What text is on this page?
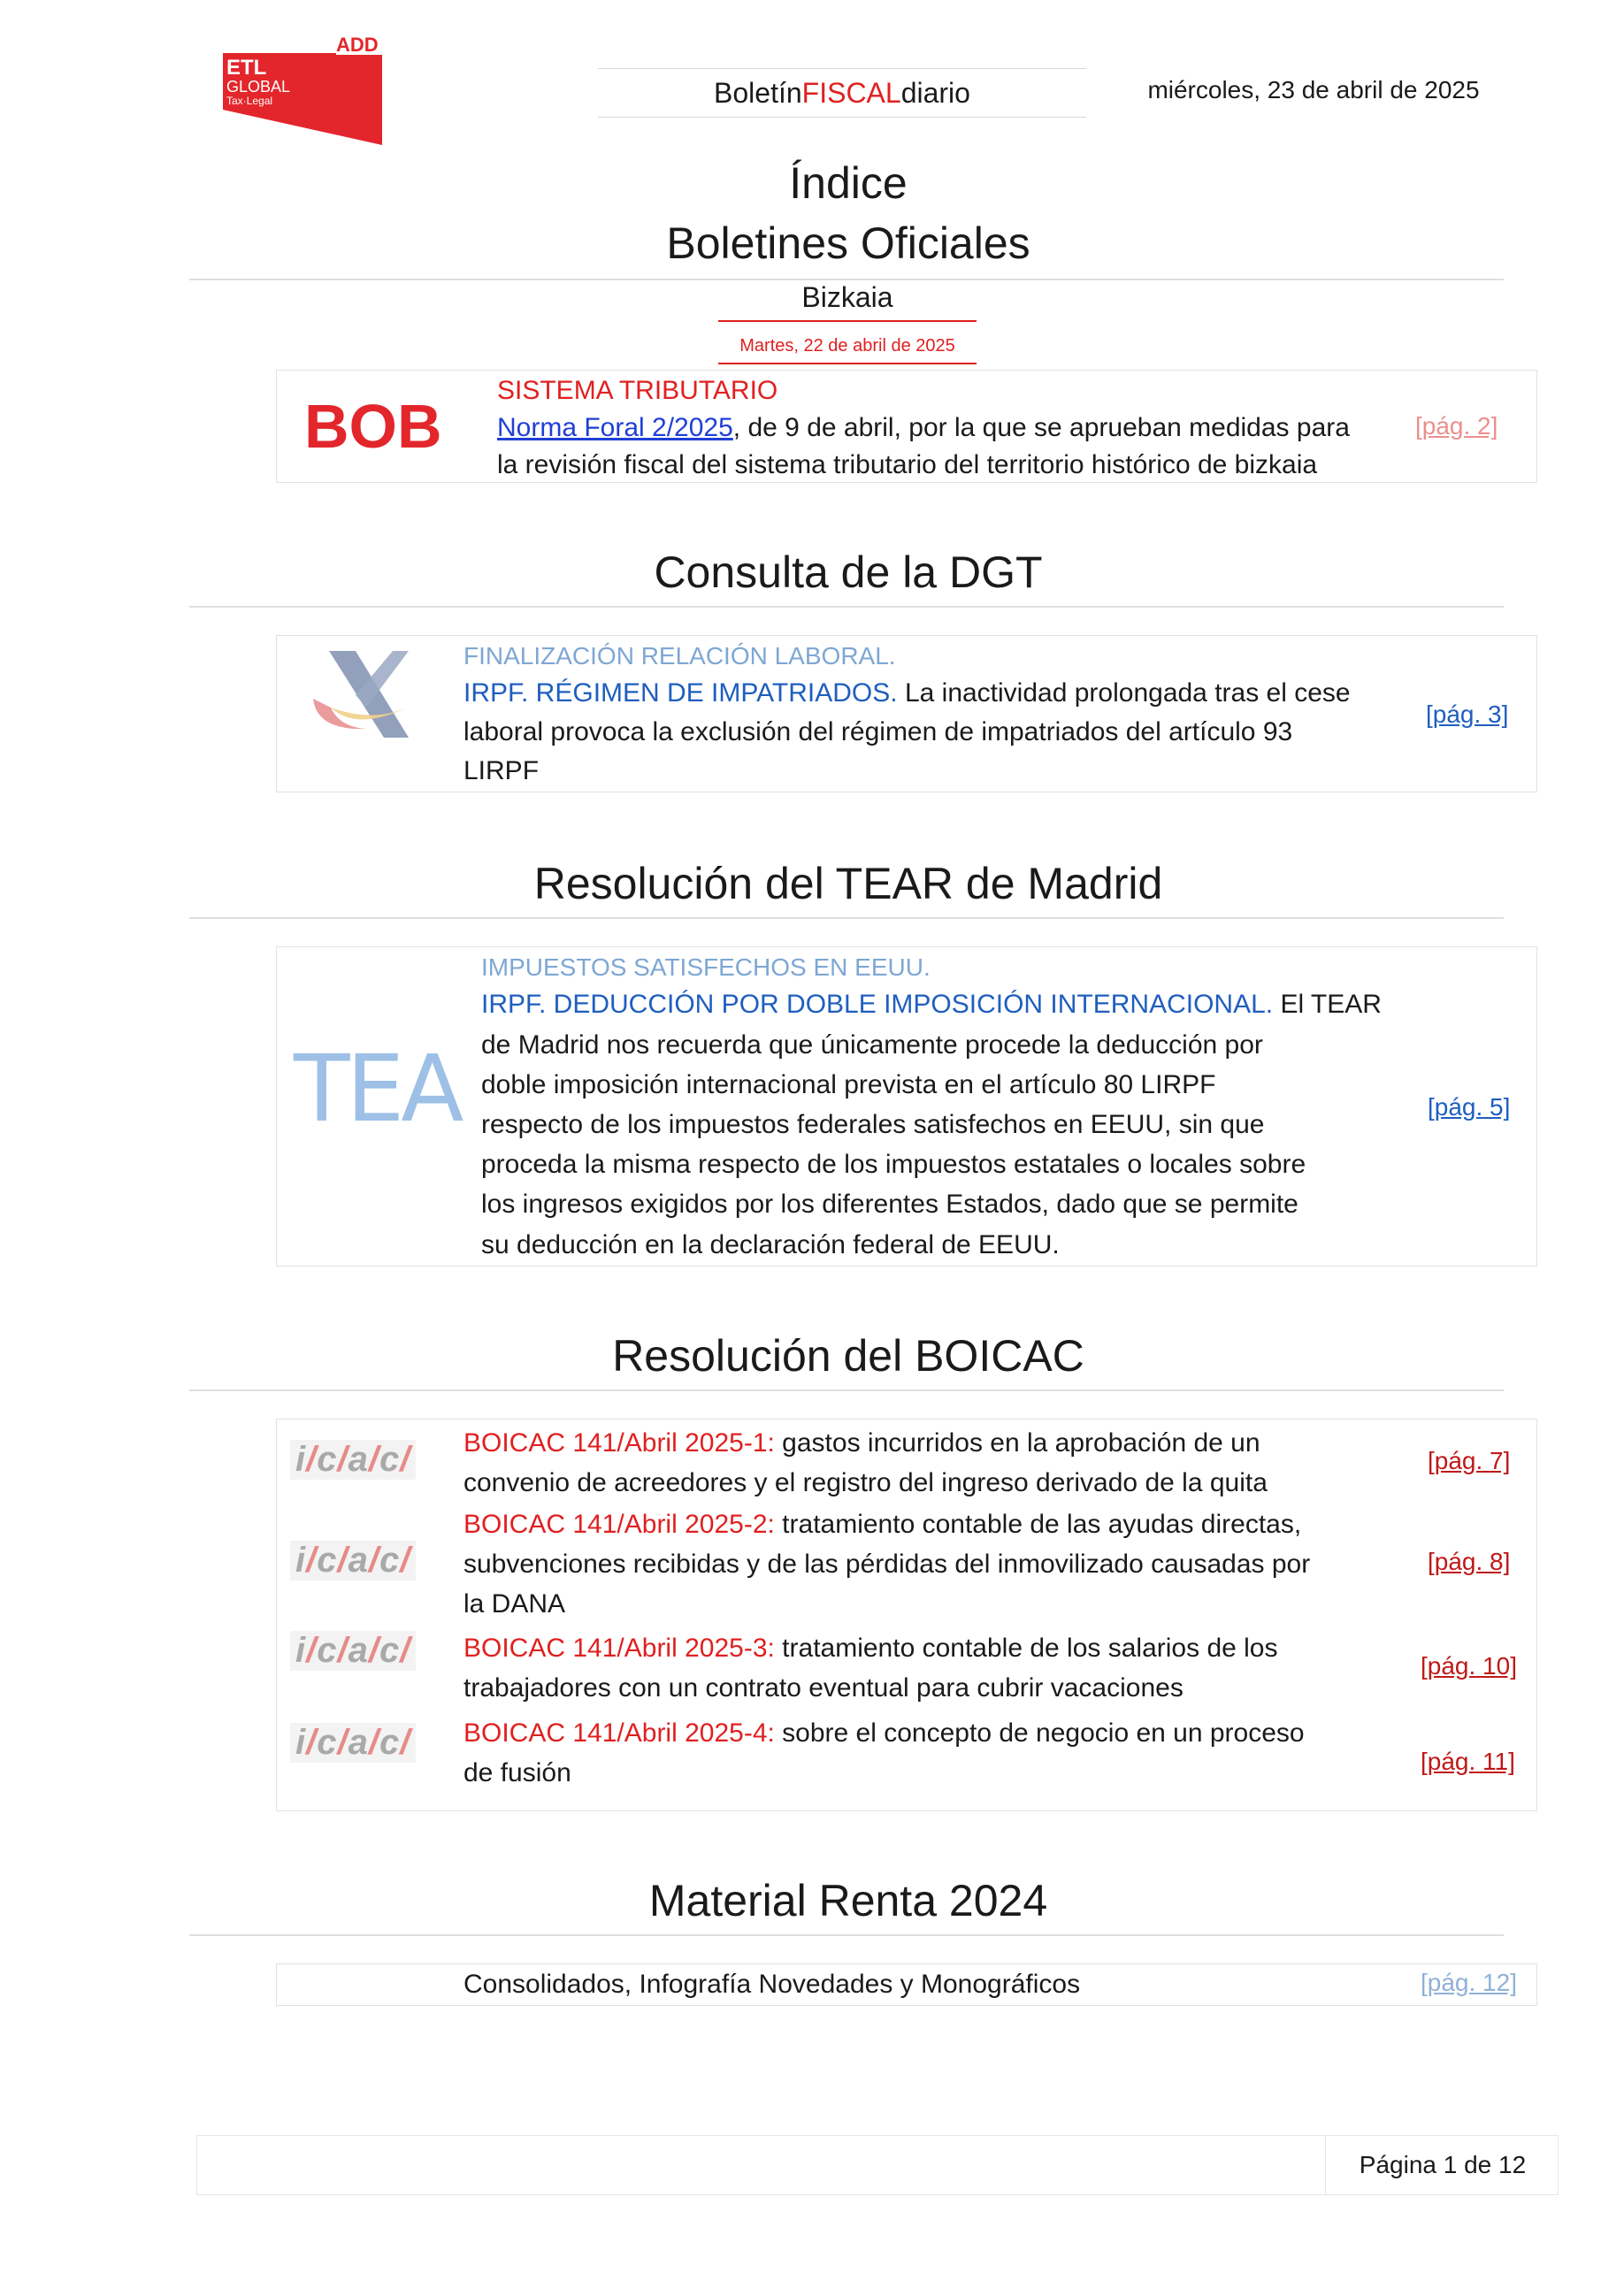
ADD
ETL
GLOBAL
Tax·Legal	Boletín FISCAL diario	miércoles, 23 de abril de 2025
Índice
Boletines Oficiales
Bizkaia
Martes, 22 de abril de 2025
BOB
SISTEMA TRIBUTARIO
Norma Foral 2/2025, de 9 de abril, por la que se aprueban medidas para
la revisión fiscal del sistema tributario del territorio histórico de bizkaia
[pág. 2]
Consulta de la DGT
FINALIZACIÓN RELACIÓN LABORAL.
IRPF. RÉGIMEN DE IMPATRIADOS. La inactividad prolongada tras el cese
laboral provoca la exclusión del régimen de impatriados del artículo 93
LIRPF
[pág. 3]
Resolución del TEAR de Madrid
TEA
IMPUESTOS SATISFECHOS EN EEUU.
IRPF. DEDUCCIÓN POR DOBLE IMPOSICIÓN INTERNACIONAL. El TEAR
de Madrid nos recuerda que únicamente procede la deducción por
doble imposición internacional prevista en el artículo 80 LIRPF
respecto de los impuestos federales satisfechos en EEUU, sin que
proceda la misma respecto de los impuestos estatales o locales sobre
los ingresos exigidos por los diferentes Estados, dado que se permite
su deducción en la declaración federal de EEUU.
[pág. 5]
Resolución del BOICAC
i/c/a/c/
i/c/a/c/
i/c/a/c/
i/c/a/c/
BOICAC 141/Abril 2025-1: gastos incurridos en la aprobación de un
convenio de acreedores y el registro del ingreso derivado de la quita
[pág. 7]
BOICAC 141/Abril 2025-2: tratamiento contable de las ayudas directas,
subvenciones recibidas y de las pérdidas del inmovilizado causadas por
la DANA
[pág. 8]
BOICAC 141/Abril 2025-3: tratamiento contable de los salarios de los
trabajadores con un contrato eventual para cubrir vacaciones
[pág. 10]
BOICAC 141/Abril 2025-4: sobre el concepto de negocio en un proceso
de fusión	[pág. 11]
Material Renta 2024
Consolidados, Infografía Novedades y Monográficos	[pág. 12]
Página 1 de 12
